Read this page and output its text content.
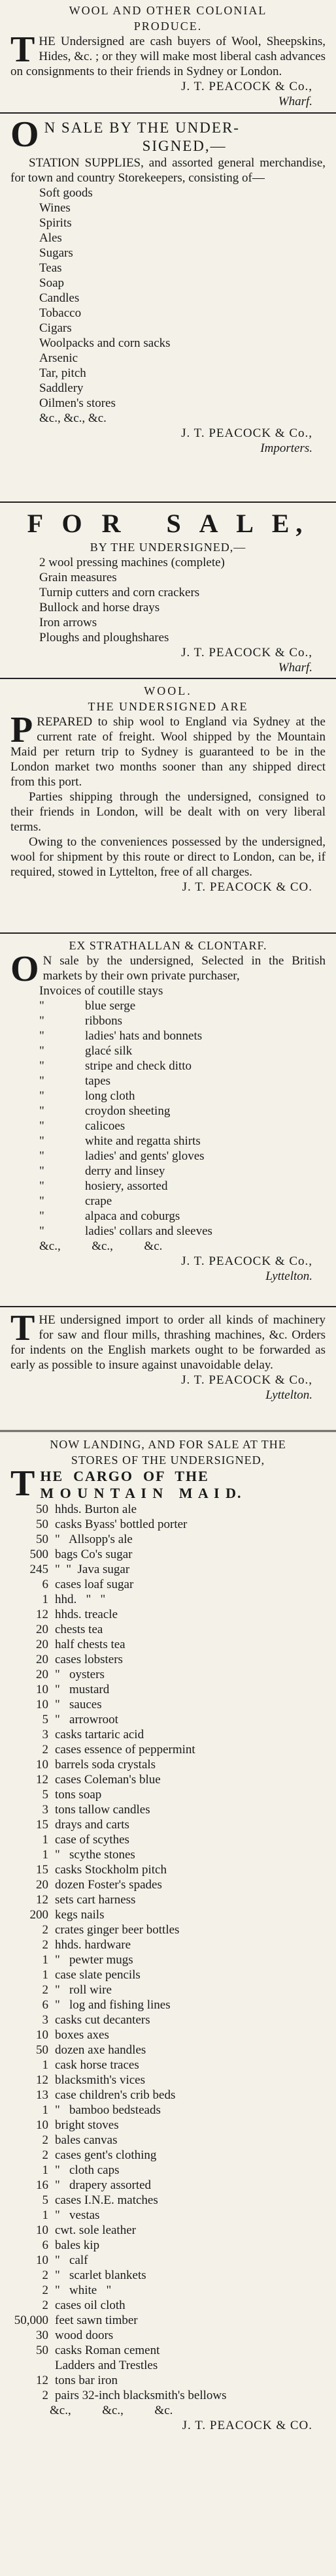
WOOL AND OTHER COLONIAL
PRODUCE.
THE Undersigned are cash buyers of Wool, Sheepskins, Hides, &c. ; or they will make most liberal cash advances on consignments to their friends in Sydney or London.
J. T. PEACOCK & Co.,
Wharf.
O N SALE BY THE UNDER-
SIGNED,—
STATION SUPPLIES, and assorted general merchandise, for town and country Storekeepers, consisting of—
Soft goods
Wines
Spirits
Ales
Sugars
Teas
Soap
Candles
Tobacco
Cigars
Woolpacks and corn sacks
Arsenic
Tar, pitch
Saddlery
Oilmen's stores
&c., &c., &c.
J. T. PEACOCK & Co.,
Importers.
F O R   S A L E,
BY THE UNDERSIGNED,—
2 wool pressing machines (complete)
Grain measures
Turnip cutters and corn crackers
Bullock and horse drays
Iron arrows
Ploughs and ploughshares
J. T. PEACOCK & Co.,
Wharf.
WOOL.
THE UNDERSIGNED ARE
PREPARED to ship wool to England via Sydney at the current rate of freight. Wool shipped by the Mountain Maid per return trip to Sydney is guaranteed to be in the London market two months sooner than any shipped direct from this port.
Parties shipping through the undersigned, consigned to their friends in London, will be dealt with on very liberal terms.
Owing to the conveniences possessed by the undersigned, wool for shipment by this route or direct to London, can be, if required, stowed in Lyttelton, free of all charges.
J. T. PEACOCK & CO.
EX STRATHALLAN & CLONTARF.
O N sale by the undersigned, Selected in the British markets by their own private purchaser,
Invoices of coutille stays
"	blue serge
"	ribbons
"	ladies' hats and bonnets
"	glacé silk
"	stripe and check ditto
"	tapes
"	long cloth
"	croydon sheeting
"	calicoes
"	white and regatta shirts
"	ladies' and gents' gloves
"	derry and linsey
"	hosiery, assorted
"	crape
"	alpaca and coburgs
"	ladies' collars and sleeves
&c.,          &c.,          &c.
J. T. PEACOCK & Co.,
Lyttelton.
THE undersigned import to order all kinds of machinery for saw and flour mills, thrashing machines, &c. Orders for indents on the English markets ought to be forwarded as early as possible to insure against unavoidable delay.
J. T. PEACOCK & Co.,
Lyttelton.
NOW LANDING, AND FOR SALE AT THE
STORES OF THE UNDERSIGNED,
THE  CARGO  OF  THE
M O U N T A I N   M A I D.
50 hhds. Burton ale
50 casks Byass' bottled porter
50 "   Allsopp's ale
500 bags Co's sugar
245 "  "  Java sugar
6 cases loaf sugar
1 hhd.   "   "
12 hhds. treacle
20 chests tea
20 half chests tea
20 cases lobsters
20 "   oysters
10 "   mustard
10 "   sauces
5 "   arrowroot
3 casks tartaric acid
2 cases essence of peppermint
10 barrels soda crystals
12 cases Coleman's blue
5 tons soap
3 tons tallow candles
15 drays and carts
1 case of scythes
1 "   scythe stones
15 casks Stockholm pitch
20 dozen Foster's spades
12 sets cart harness
200 kegs nails
2 crates ginger beer bottles
2 hhds. hardware
1 "   pewter mugs
1 case slate pencils
2 "   roll wire
6 "   log and fishing lines
3 casks cut decanters
10 boxes axes
50 dozen axe handles
1 cask horse traces
12 blacksmith's vices
13 case children's crib beds
1 "   bamboo bedsteads
10 bright stoves
2 bales canvas
2 cases gent's clothing
1 "   cloth caps
16 "   drapery assorted
5 cases I.N.E. matches
1 "   vestas
10 cwt. sole leather
6 bales kip
10 "   calf
2 "   scarlet blankets
2 "   white   "
2 cases oil cloth
50,000 feet sawn timber
30 wood doors
50 casks Roman cement
Ladders and Trestles
12 tons bar iron
2 pairs 32-inch blacksmith's bellows
&c.,          &c.,          &c.
J. T. PEACOCK & CO.
